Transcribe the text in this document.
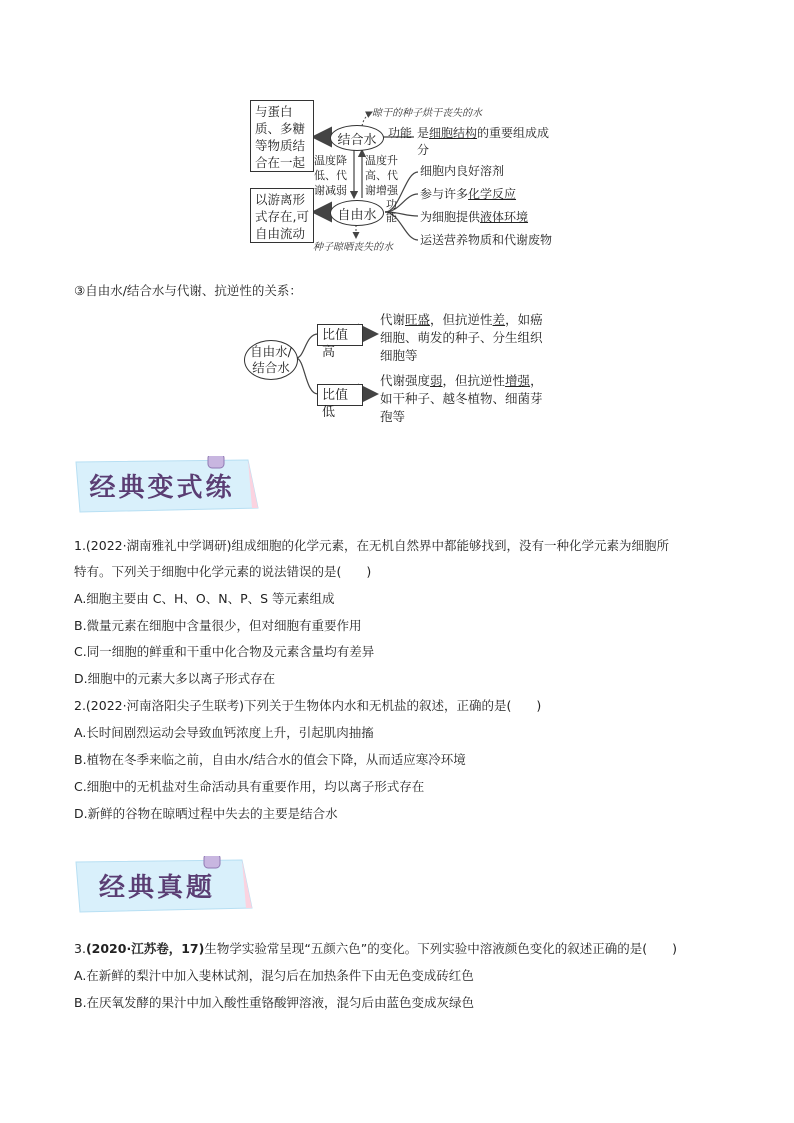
与蛋白质、多糖等物质结合在一起
以游离形式存在,可自由流动
结合水
自由水
晾干的种子烘干丧失的水
种子晾晒丧失的水
功能 是细胞结构的重要组成成分
温度降低、代谢减弱
温度升高、代谢增强
功能
细胞内良好溶剂
参与许多化学反应
为细胞提供液体环境
运送营养物质和代谢废物
③自由水/结合水与代谢、抗逆性的关系：
自由水/结合水
比值高
比值低
代谢旺盛，但抗逆性差，如癌细胞、萌发的种子、分生组织细胞等
代谢强度弱，但抗逆性增强，如干种子、越冬植物、细菌芽孢等
经典变式练
1.(2022·湖南雅礼中学调研)组成细胞的化学元素，在无机自然界中都能够找到，没有一种化学元素为细胞所
特有。下列关于细胞中化学元素的说法错误的是(　　)
A.细胞主要由 C、H、O、N、P、S 等元素组成
B.微量元素在细胞中含量很少，但对细胞有重要作用
C.同一细胞的鲜重和干重中化合物及元素含量均有差异
D.细胞中的元素大多以离子形式存在
2.(2022·河南洛阳尖子生联考)下列关于生物体内水和无机盐的叙述，正确的是(　　)
A.长时间剧烈运动会导致血钙浓度上升，引起肌肉抽搐
B.植物在冬季来临之前，自由水/结合水的值会下降，从而适应寒冷环境
C.细胞中的无机盐对生命活动具有重要作用，均以离子形式存在
D.新鲜的谷物在晾晒过程中失去的主要是结合水
经典真题
3.(2020·江苏卷，17)生物学实验常呈现“五颜六色”的变化。下列实验中溶液颜色变化的叙述正确的是(　　)
A.在新鲜的梨汁中加入斐林试剂，混匀后在加热条件下由无色变成砖红色
B.在厌氧发酵的果汁中加入酸性重铬酸钾溶液，混匀后由蓝色变成灰绿色
